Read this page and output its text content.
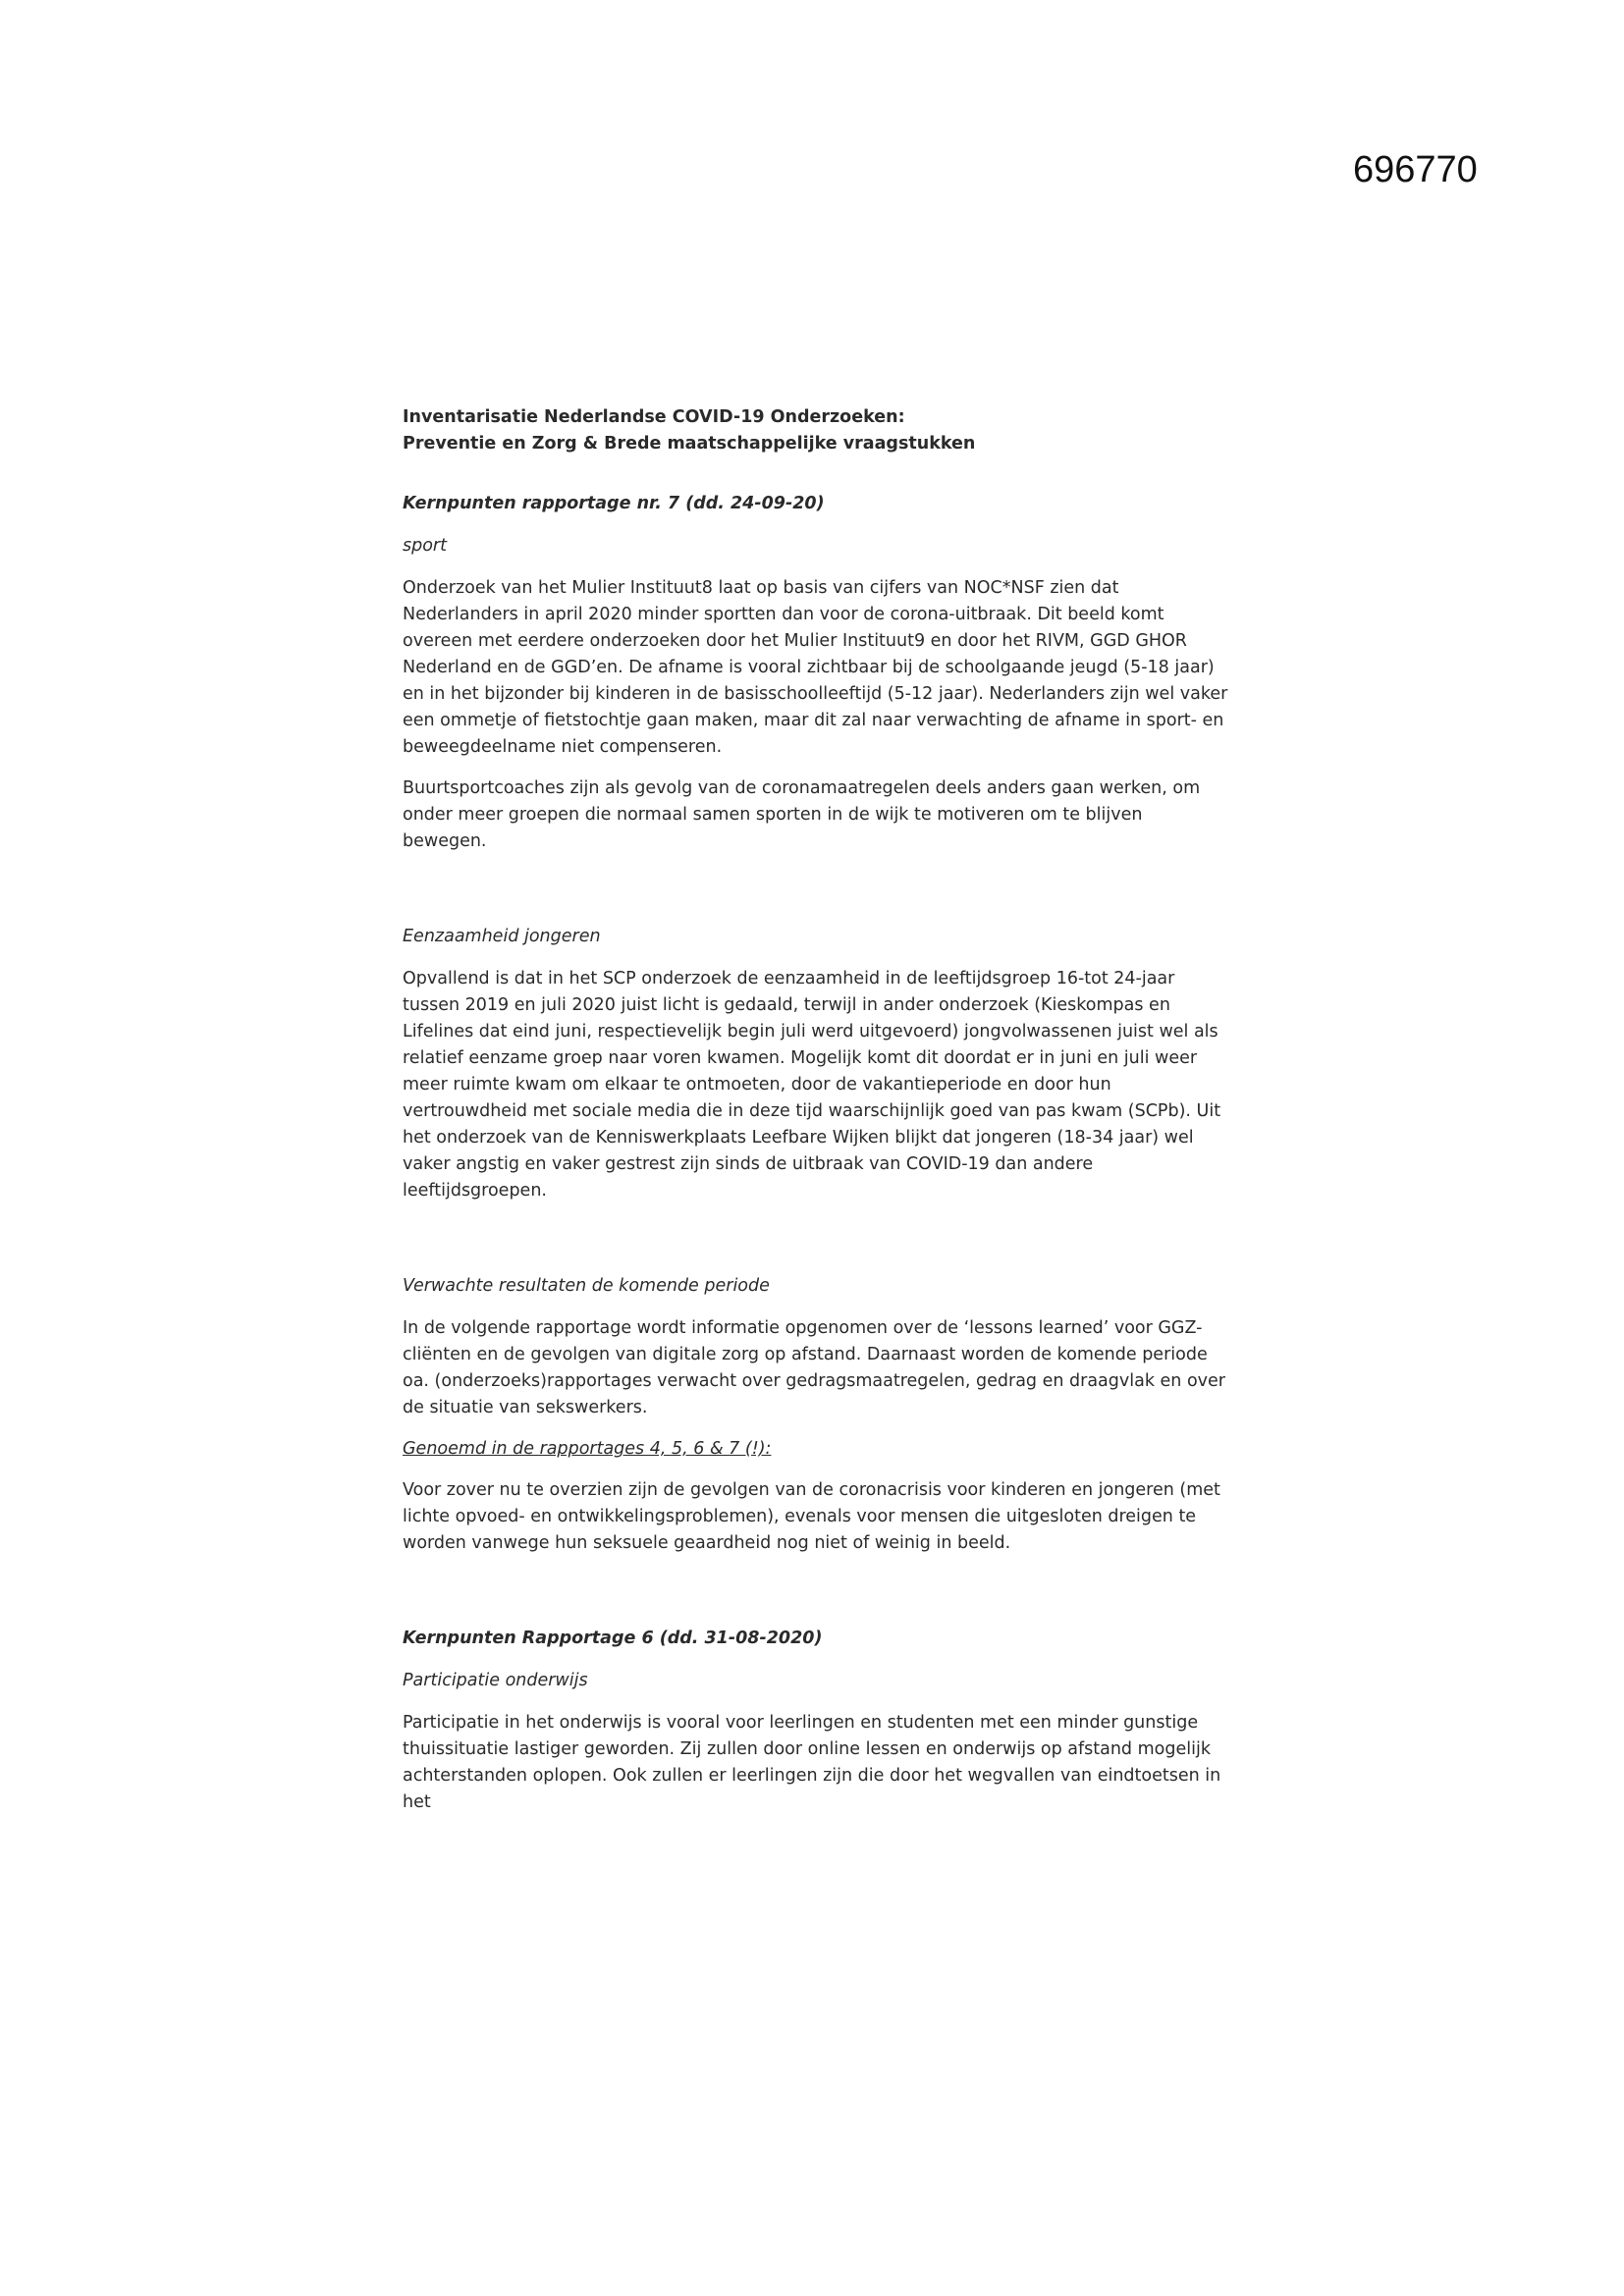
696770

Inventarisatie Nederlandse COVID-19 Onderzoeken:

Preventie en Zorg & Brede maatschappelijke vraagstukken

Kernpunten rapportage nr. 7 (dd. 24-09-20)

sport

Onderzoek van het Mulier Instituut8 laat op basis van cijfers van NOC*NSF zien dat Nederlanders in april 2020 minder sportten dan voor de corona-uitbraak. Dit beeld komt overeen met eerdere onderzoeken door het Mulier Instituut9 en door het RIVM, GGD GHOR Nederland en de GGD’en. De afname is vooral zichtbaar bij de schoolgaande jeugd (5-18 jaar) en in het bijzonder bij kinderen in de basisschoolleeftijd (5-12 jaar). Nederlanders zijn wel vaker een ommetje of fietstochtje gaan maken, maar dit zal naar verwachting de afname in sport- en beweegdeelname niet compenseren.

Buurtsportcoaches zijn als gevolg van de coronamaatregelen deels anders gaan werken, om onder meer groepen die normaal samen sporten in de wijk te motiveren om te blijven bewegen.

Eenzaamheid jongeren

Opvallend is dat in het SCP onderzoek de eenzaamheid in de leeftijdsgroep 16-tot 24-jaar tussen 2019 en juli 2020 juist licht is gedaald, terwijl in ander onderzoek (Kieskompas en Lifelines dat eind juni, respectievelijk begin juli werd uitgevoerd) jongvolwassenen juist wel als relatief eenzame groep naar voren kwamen. Mogelijk komt dit doordat er in juni en juli weer meer ruimte kwam om elkaar te ontmoeten, door de vakantieperiode en door hun vertrouwdheid met sociale media die in deze tijd waarschijnlijk goed van pas kwam (SCPb). Uit het onderzoek van de Kenniswerkplaats Leefbare Wijken blijkt dat jongeren (18-34 jaar) wel vaker angstig en vaker gestrest zijn sinds de uitbraak van COVID-19 dan andere leeftijdsgroepen.

Verwachte resultaten de komende periode

In de volgende rapportage wordt informatie opgenomen over de ‘lessons learned’ voor GGZ-cliënten en de gevolgen van digitale zorg op afstand. Daarnaast worden de komende periode oa. (onderzoeks)rapportages verwacht over gedragsmaatregelen, gedrag en draagvlak en over de situatie van sekswerkers.

Genoemd in de rapportages 4, 5, 6 & 7 (!):

Voor zover nu te overzien zijn de gevolgen van de coronacrisis voor kinderen en jongeren (met lichte opvoed- en ontwikkelingsproblemen), evenals voor mensen die uitgesloten dreigen te worden vanwege hun seksuele geaardheid nog niet of weinig in beeld.

Kernpunten Rapportage 6 (dd. 31-08-2020)

Participatie onderwijs

Participatie in het onderwijs is vooral voor leerlingen en studenten met een minder gunstige thuissituatie lastiger geworden. Zij zullen door online lessen en onderwijs op afstand mogelijk achterstanden oplopen. Ook zullen er leerlingen zijn die door het wegvallen van eindtoetsen in het
